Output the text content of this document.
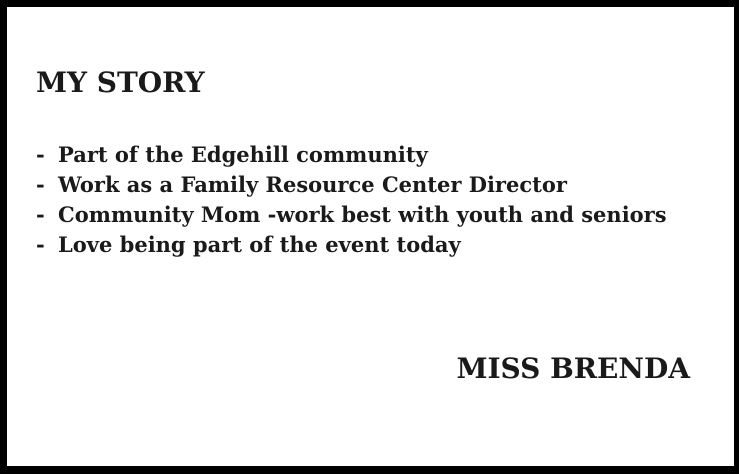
MY STORY
- Part of the Edgehill community
- Work as a Family Resource Center Director
- Community Mom -work best with youth and seniors
- Love being part of the event today

MISS BRENDA
